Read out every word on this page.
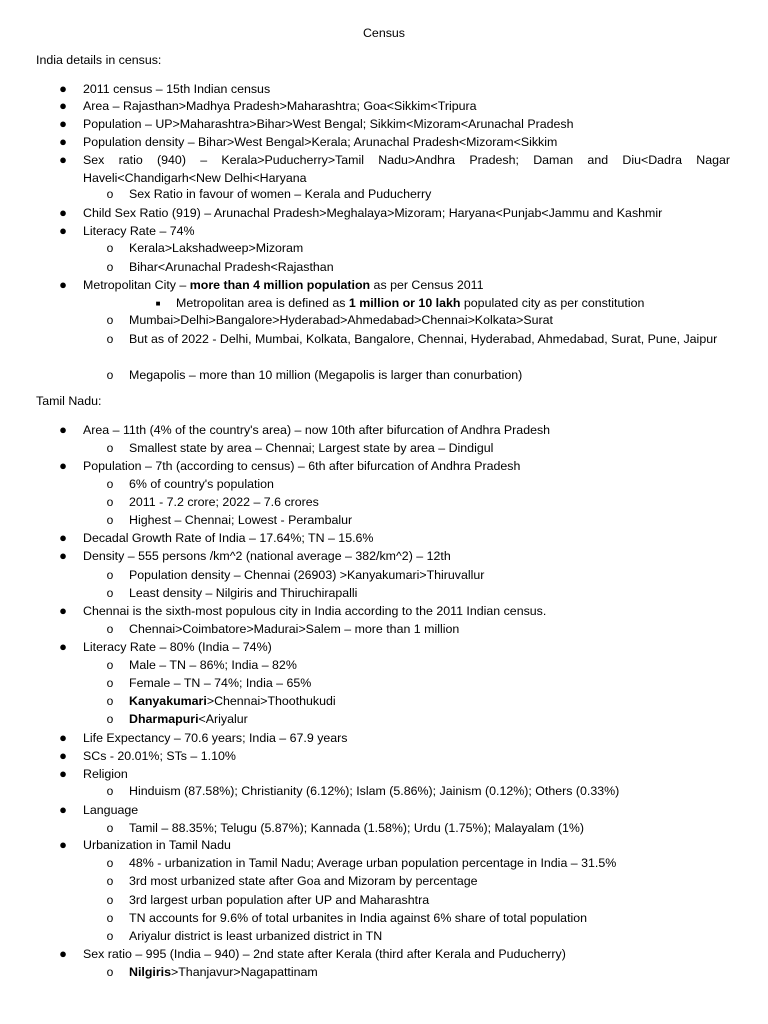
Census
India details in census:
● 2011 census – 15th Indian census
● Area – Rajasthan>Madhya Pradesh>Maharashtra; Goa<Sikkim<Tripura
● Population – UP>Maharashtra>Bihar>West Bengal; Sikkim<Mizoram<Arunachal Pradesh
● Population density – Bihar>West Bengal>Kerala; Arunachal Pradesh<Mizoram<Sikkim
● Sex ratio (940) – Kerala>Puducherry>Tamil Nadu>Andhra Pradesh; Daman and Diu<Dadra Nagar Haveli<Chandigarh<New Delhi<Haryana
o Sex Ratio in favour of women – Kerala and Puducherry
● Child Sex Ratio (919) – Arunachal Pradesh>Meghalaya>Mizoram; Haryana<Punjab<Jammu and Kashmir
● Literacy Rate – 74%
o Kerala>Lakshadweep>Mizoram
o Bihar<Arunachal Pradesh<Rajasthan
● Metropolitan City – more than 4 million population as per Census 2011
■ Metropolitan area is defined as 1 million or 10 lakh populated city as per constitution
o Mumbai>Delhi>Bangalore>Hyderabad>Ahmedabad>Chennai>Kolkata>Surat
o But as of 2022 - Delhi, Mumbai, Kolkata, Bangalore, Chennai, Hyderabad, Ahmedabad, Surat, Pune, Jaipur
o Megapolis – more than 10 million (Megapolis is larger than conurbation)
Tamil Nadu:
● Area – 11th (4% of the country's area) – now 10th after bifurcation of Andhra Pradesh
o Smallest state by area – Chennai; Largest state by area – Dindigul
● Population – 7th (according to census) – 6th after bifurcation of Andhra Pradesh
o 6% of country's population
o 2011 - 7.2 crore; 2022 – 7.6 crores
o Highest – Chennai; Lowest - Perambalur
● Decadal Growth Rate of India – 17.64%; TN – 15.6%
● Density – 555 persons /km^2 (national average – 382/km^2) – 12th
o Population density – Chennai (26903) >Kanyakumari>Thiruvallur
o Least density – Nilgiris and Thiruchirapalli
● Chennai is the sixth-most populous city in India according to the 2011 Indian census.
o Chennai>Coimbatore>Madurai>Salem – more than 1 million
● Literacy Rate – 80% (India – 74%)
o Male – TN – 86%; India – 82%
o Female – TN – 74%; India – 65%
o Kanyakumari>Chennai>Thoothukudi
o Dharmapuri<Ariyalur
● Life Expectancy – 70.6 years; India – 67.9 years
● SCs - 20.01%; STs – 1.10%
● Religion
o Hinduism (87.58%); Christianity (6.12%); Islam (5.86%); Jainism (0.12%); Others (0.33%)
● Language
o Tamil – 88.35%; Telugu (5.87%); Kannada (1.58%); Urdu (1.75%); Malayalam (1%)
● Urbanization in Tamil Nadu
o 48% - urbanization in Tamil Nadu; Average urban population percentage in India – 31.5%
o 3rd most urbanized state after Goa and Mizoram by percentage
o 3rd largest urban population after UP and Maharashtra
o TN accounts for 9.6% of total urbanites in India against 6% share of total population
o Ariyalur district is least urbanized district in TN
● Sex ratio – 995 (India – 940) – 2nd state after Kerala (third after Kerala and Puducherry)
o Nilgiris>Thanjavur>Nagapattinam
